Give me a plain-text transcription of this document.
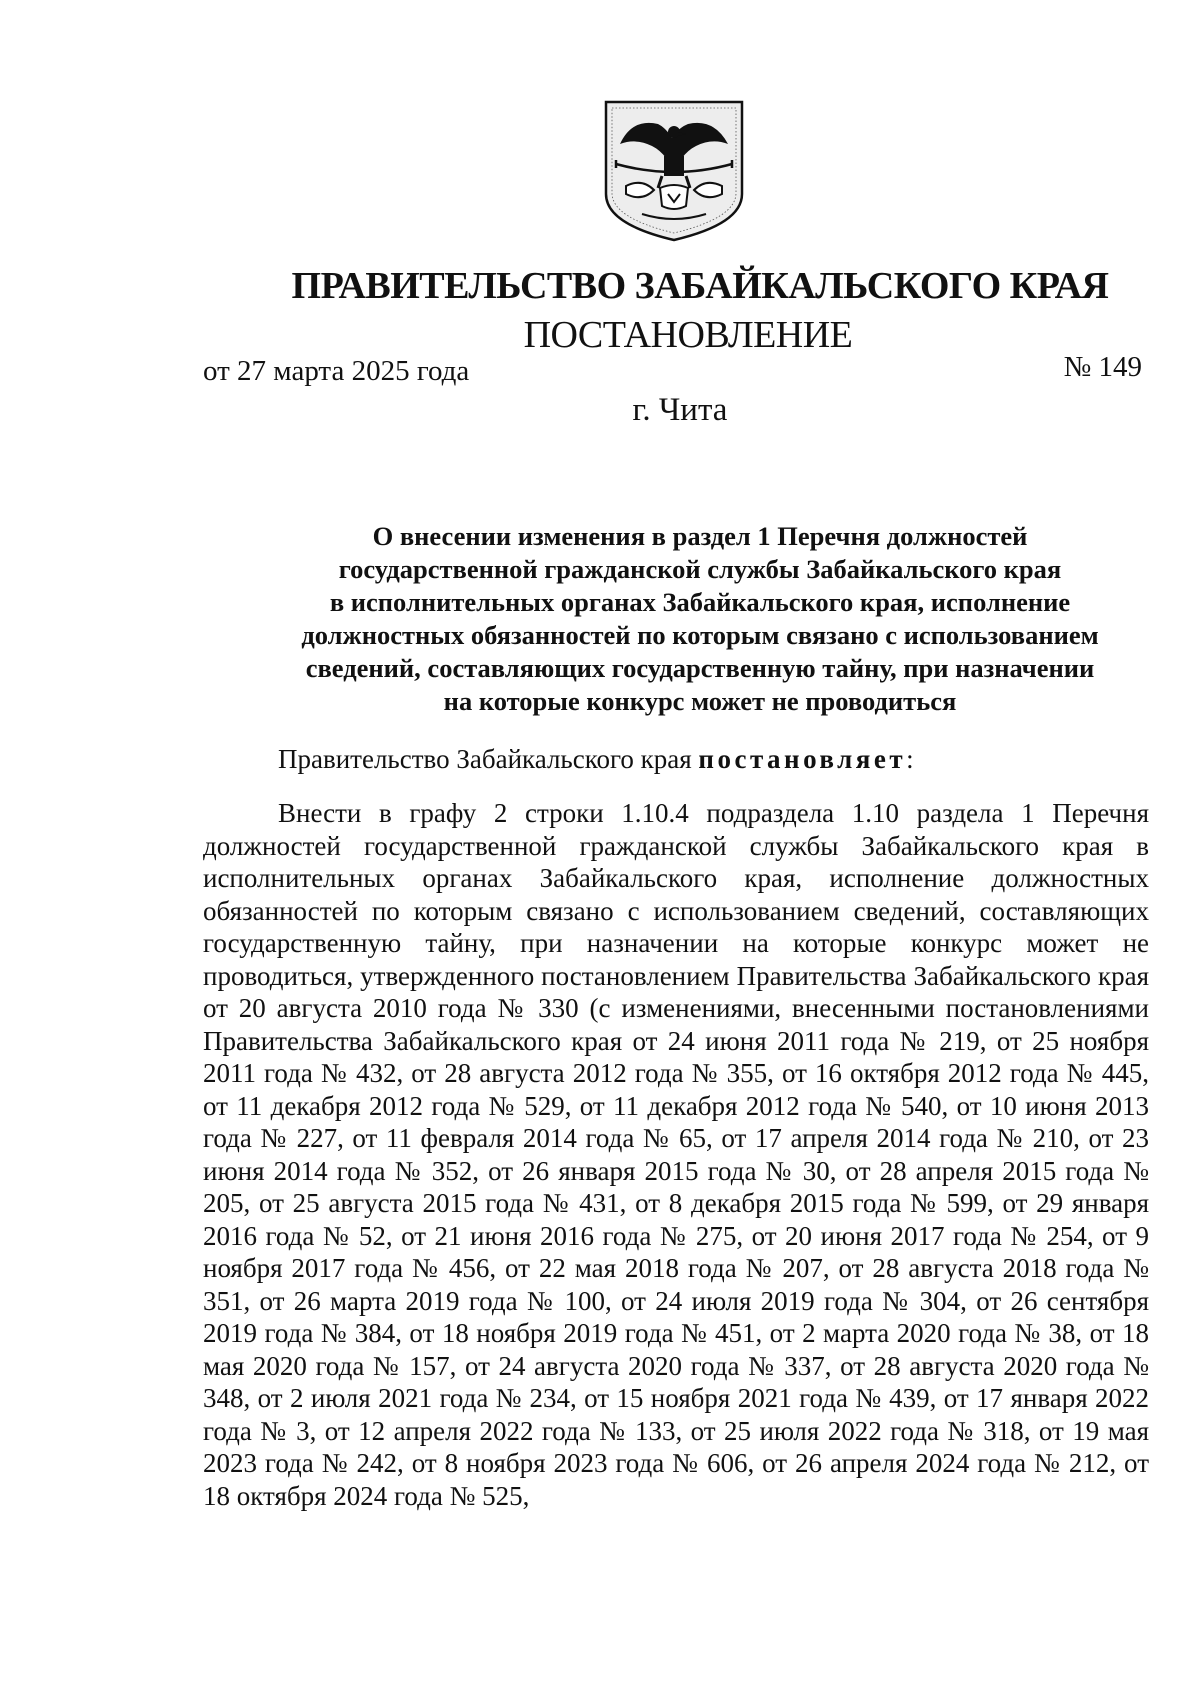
ПРАВИТЕЛЬСТВО ЗАБАЙКАЛЬСКОГО КРАЯ
ПОСТАНОВЛЕНИЕ
от 27 марта 2025 года	№ 149
г. Чита
О внесении изменения в раздел 1 Перечня должностей
государственной гражданской службы Забайкальского края
в исполнительных органах Забайкальского края, исполнение
должностных обязанностей по которым связано с использованием
сведений, составляющих государственную тайну, при назначении
на которые конкурс может не проводиться
Правительство Забайкальского края постановляет:

Внести в графу 2 строки 1.10.4 подраздела 1.10 раздела 1 Перечня должностей государственной гражданской службы Забайкальского края в исполнительных органах Забайкальского края, исполнение должностных обязанностей по которым связано с использованием сведений, составляющих государственную тайну, при назначении на которые конкурс может не проводиться, утвержденного постановлением Правительства Забайкальского края от 20 августа 2010 года № 330 (с изменениями, внесенными постановлениями Правительства Забайкальского края от 24 июня 2011 года № 219, от 25 ноября 2011 года № 432, от 28 августа 2012 года № 355, от 16 октября 2012 года № 445, от 11 декабря 2012 года № 529, от 11 декабря 2012 года № 540, от 10 июня 2013 года № 227, от 11 февраля 2014 года № 65, от 17 апреля 2014 года № 210, от 23 июня 2014 года № 352, от 26 января 2015 года № 30, от 28 апреля 2015 года № 205, от 25 августа 2015 года № 431, от 8 декабря 2015 года № 599, от 29 января 2016 года № 52, от 21 июня 2016 года № 275, от 20 июня 2017 года № 254, от 9 ноября 2017 года № 456, от 22 мая 2018 года № 207, от 28 августа 2018 года № 351, от 26 марта 2019 года № 100, от 24 июля 2019 года № 304, от 26 сентября 2019 года № 384, от 18 ноября 2019 года № 451, от 2 марта 2020 года № 38, от 18 мая 2020 года № 157, от 24 августа 2020 года № 337, от 28 августа 2020 года № 348, от 2 июля 2021 года № 234, от 15 ноября 2021 года № 439, от 17 января 2022 года № 3, от 12 апреля 2022 года № 133, от 25 июля 2022 года № 318, от 19 мая 2023 года № 242, от 8 ноября 2023 года № 606, от 26 апреля 2024 года № 212, от 18 октября 2024 года № 525,
